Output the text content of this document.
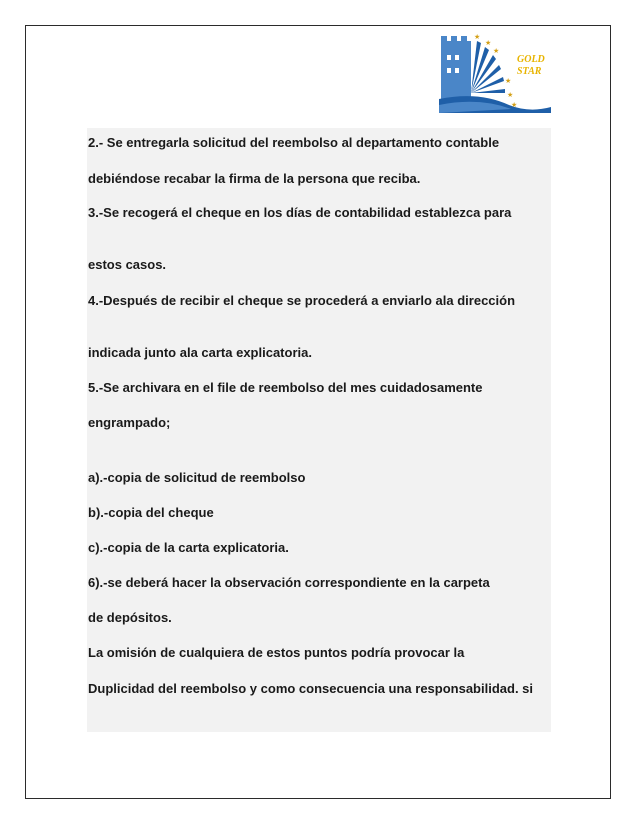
★
★
★
★
★
★
GOLD
STAR
2.- Se entregarla solicitud del reembolso al departamento contable
debiéndose recabar la firma de la persona que reciba.
3.-Se recogerá el cheque en los días de contabilidad establezca para
estos casos.
4.-Después de recibir el cheque se procederá a enviarlo ala dirección
indicada junto ala carta explicatoria.
5.-Se archivara en el file de reembolso del mes cuidadosamente
engrampado;
a).-copia de solicitud de reembolso
b).-copia del cheque
c).-copia de la carta explicatoria.
6).-se deberá hacer la observación correspondiente en la carpeta
de depósitos.
La omisión de cualquiera de estos puntos podría provocar la
Duplicidad del reembolso y como consecuencia una responsabilidad. si
